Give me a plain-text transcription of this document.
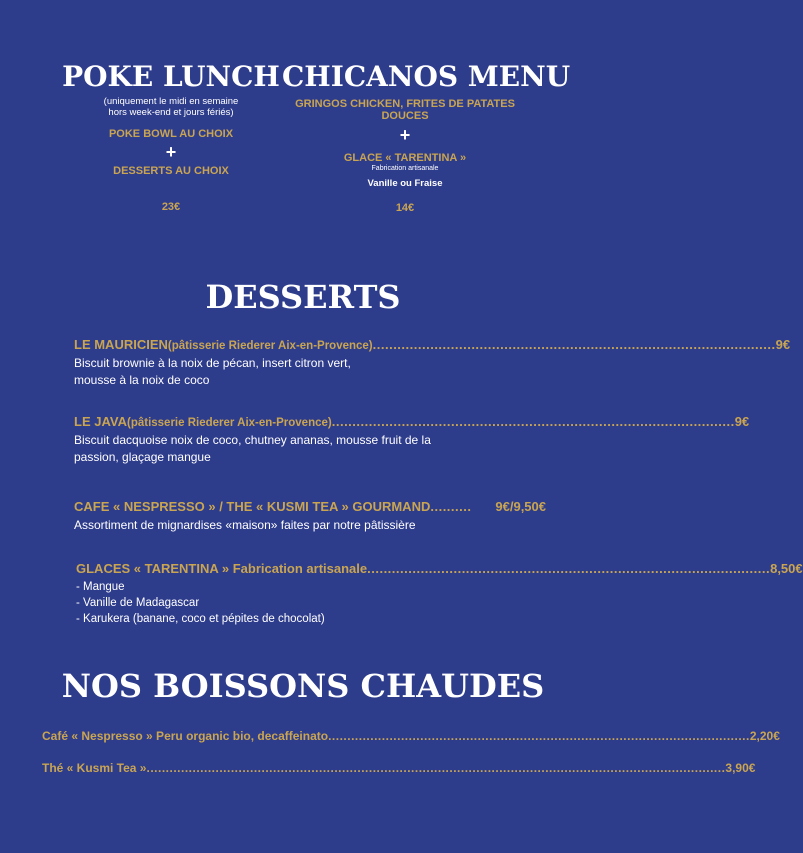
POKE LUNCH
(uniquement le midi en semaine
hors week-end et jours fériés)
POKE BOWL AU CHOIX
+
DESSERTS AU CHOIX
23€
CHICANOS MENU
GRINGOS CHICKEN, FRITES DE PATATES
DOUCES
+
GLACE « TARENTINA »
Fabrication artisanale
Vanille ou Fraise
14€
DESSERTS
LE MAURICIEN (pâtisserie Riederer Aix-en-Provence) .................................................................................................. 9€
Biscuit brownie à la noix de pécan, insert citron vert,
mousse à la noix de coco
LE JAVA (pâtisserie Riederer Aix-en-Provence) .................................................................................................. 9€
Biscuit dacquoise noix de coco, chutney ananas, mousse fruit de la
passion, glaçage mangue
CAFE « NESPRESSO » / THE « KUSMI TEA » GOURMAND ..........	9€/9,50€
Assortiment de mignardises «maison» faites par notre pâtissière
GLACES « TARENTINA » Fabrication artisanale .................................................................................................. 8,50€
- Mangue
- Vanille de Madagascar
- Karukera (banane, coco et pépites de chocolat)
NOS BOISSONS CHAUDES
Café « Nespresso » Peru organic bio, decaffeinato .............................................................................................................. 2,20€
Thé « Kusmi Tea » ....................................................................................................................................................... 3,90€
